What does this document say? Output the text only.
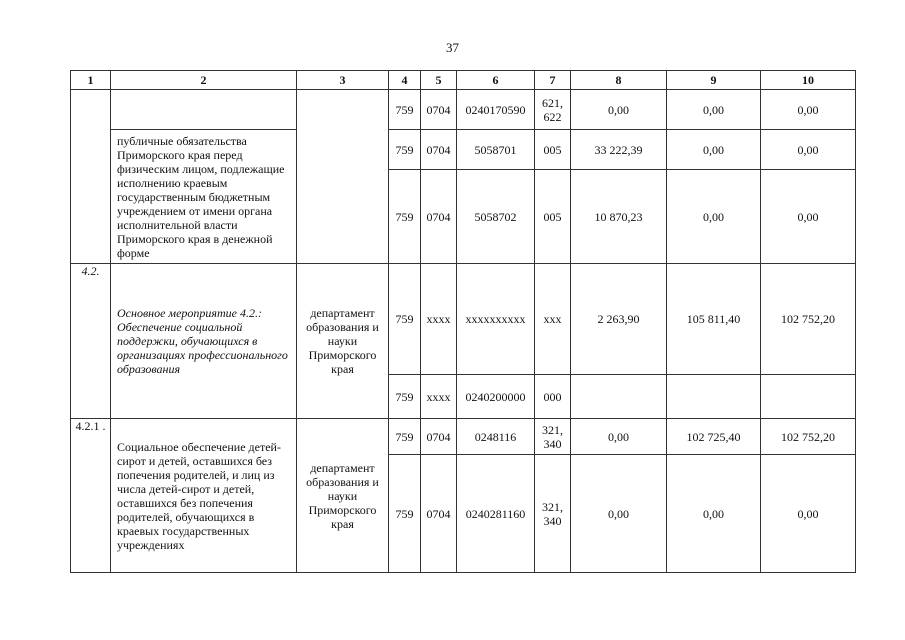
37
1	2	3	4	5	6	7	8	9	10
			759	0704	0240170590	621, 622	0,00	0,00	0,00
	публичные обязательства Приморского края перед физическим лицом, подлежащие исполнению краевым государственным бюджетным учреждением от имени органа исполнительной власти Приморского края в денежной форме		759	0704	5058701	005	33 222,39	0,00	0,00
			759	0704	5058702	005	10 870,23	0,00	0,00
4.2.	Основное мероприятие 4.2.: Обеспечение социальной поддержки, обучающихся в организациях профессионального образования	департамент образования и науки Приморского края	759	xxxx	xxxxxxxxxx	xxx	2 263,90	105 811,40	102 752,20
			759	xxxx	0240200000	000			
4.2.1 .	Социальное обеспечение детей-сирот и детей, оставшихся без попечения родителей, и лиц из числа детей-сирот и детей, оставшихся без попечения родителей, обучающихся в краевых государственных учреждениях	департамент образования и науки Приморского края	759	0704	0248116	321, 340	0,00	102 725,40	102 752,20
			759	0704	0240281160	321, 340	0,00	0,00	0,00
